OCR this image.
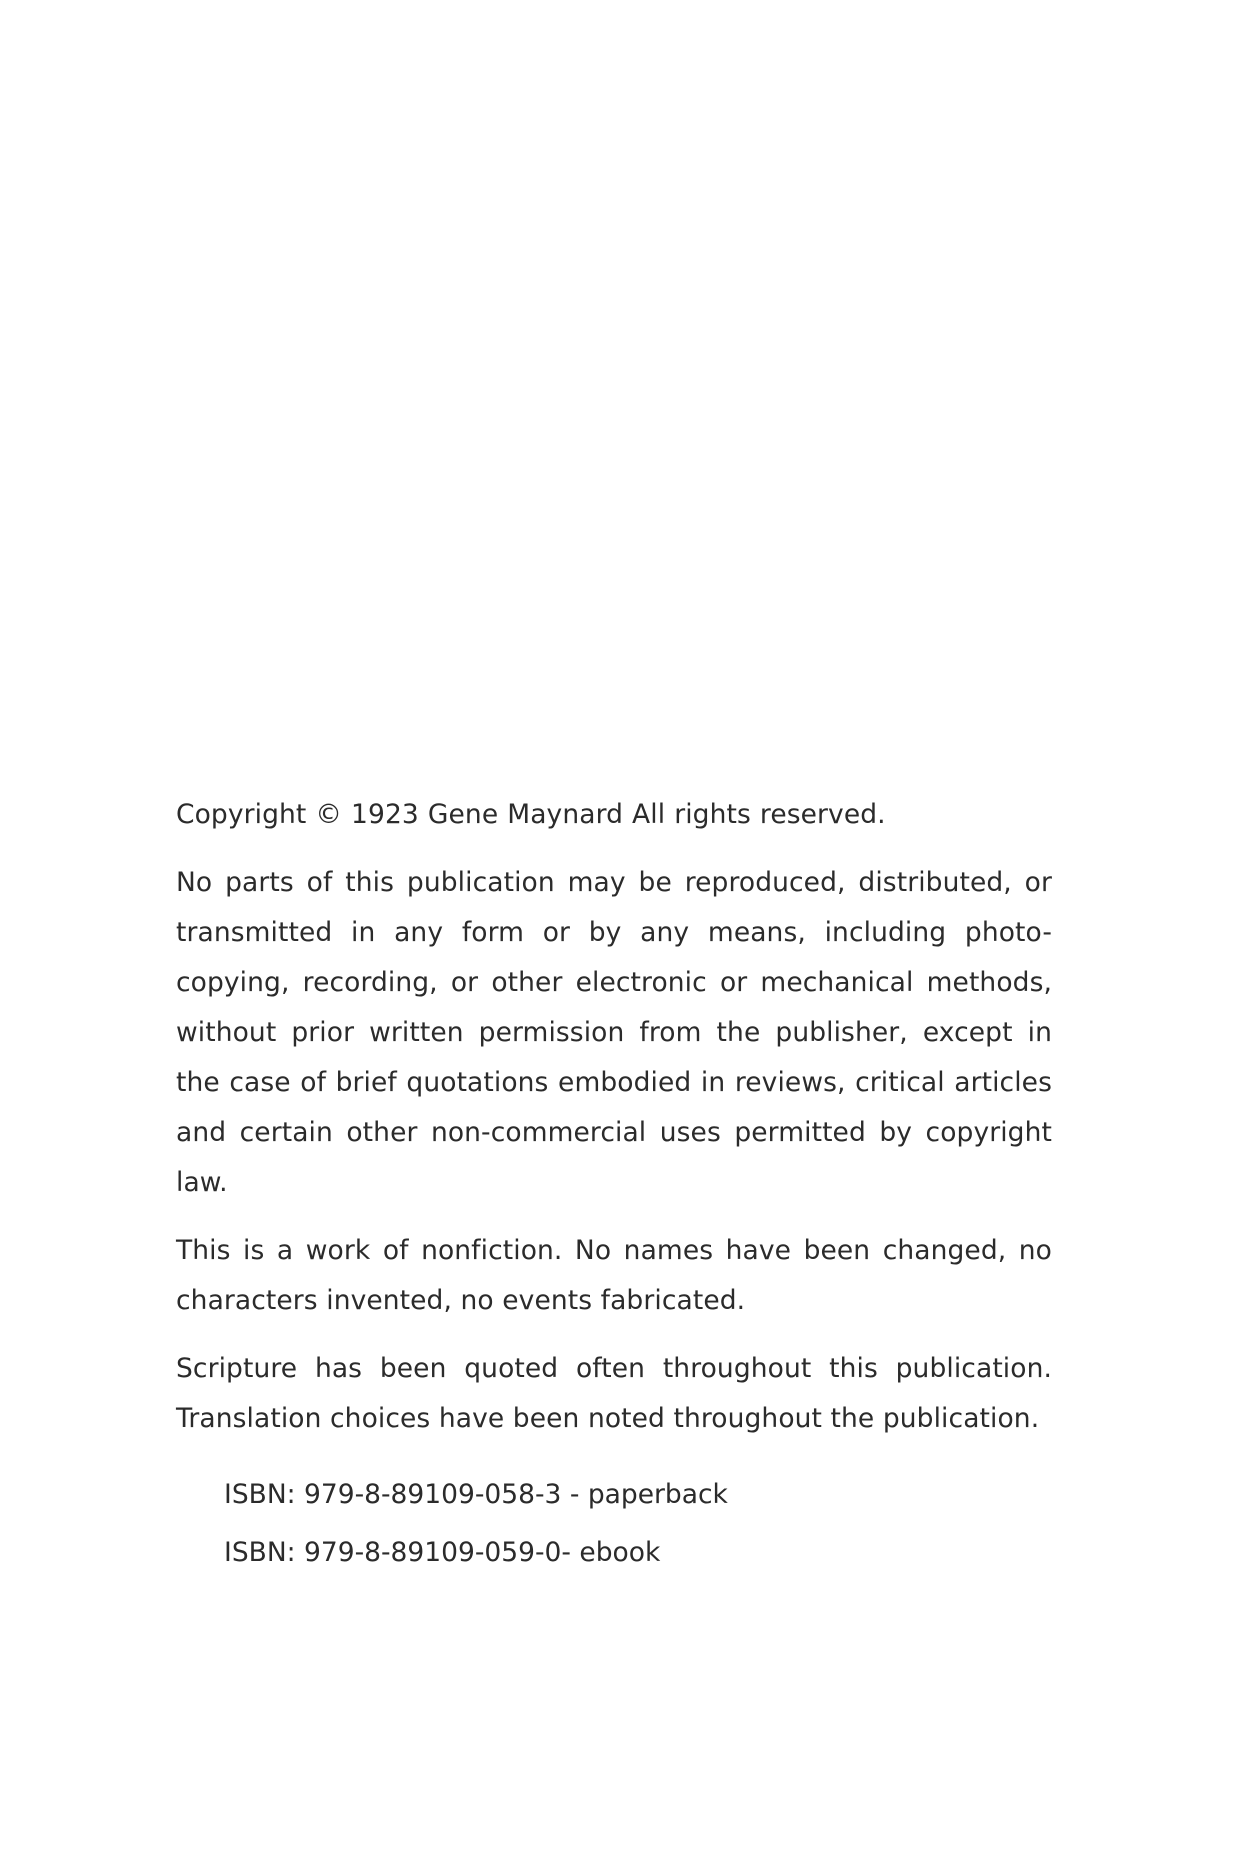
Copyright © 1923 Gene Maynard All rights reserved.

No parts of this publication may be reproduced, distributed, or transmitted in any form or by any means, including photo-copying, recording, or other electronic or mechanical methods, without prior written permission from the publisher, except in the case of brief quotations embodied in reviews, critical articles and certain other non-commercial uses permitted by copyright law.

This is a work of nonfiction. No names have been changed, no characters invented, no events fabricated.

Scripture has been quoted often throughout this publication. Translation choices have been noted throughout the publication.

ISBN: 979-8-89109-058-3 - paperback
ISBN: 979-8-89109-059-0- ebook
